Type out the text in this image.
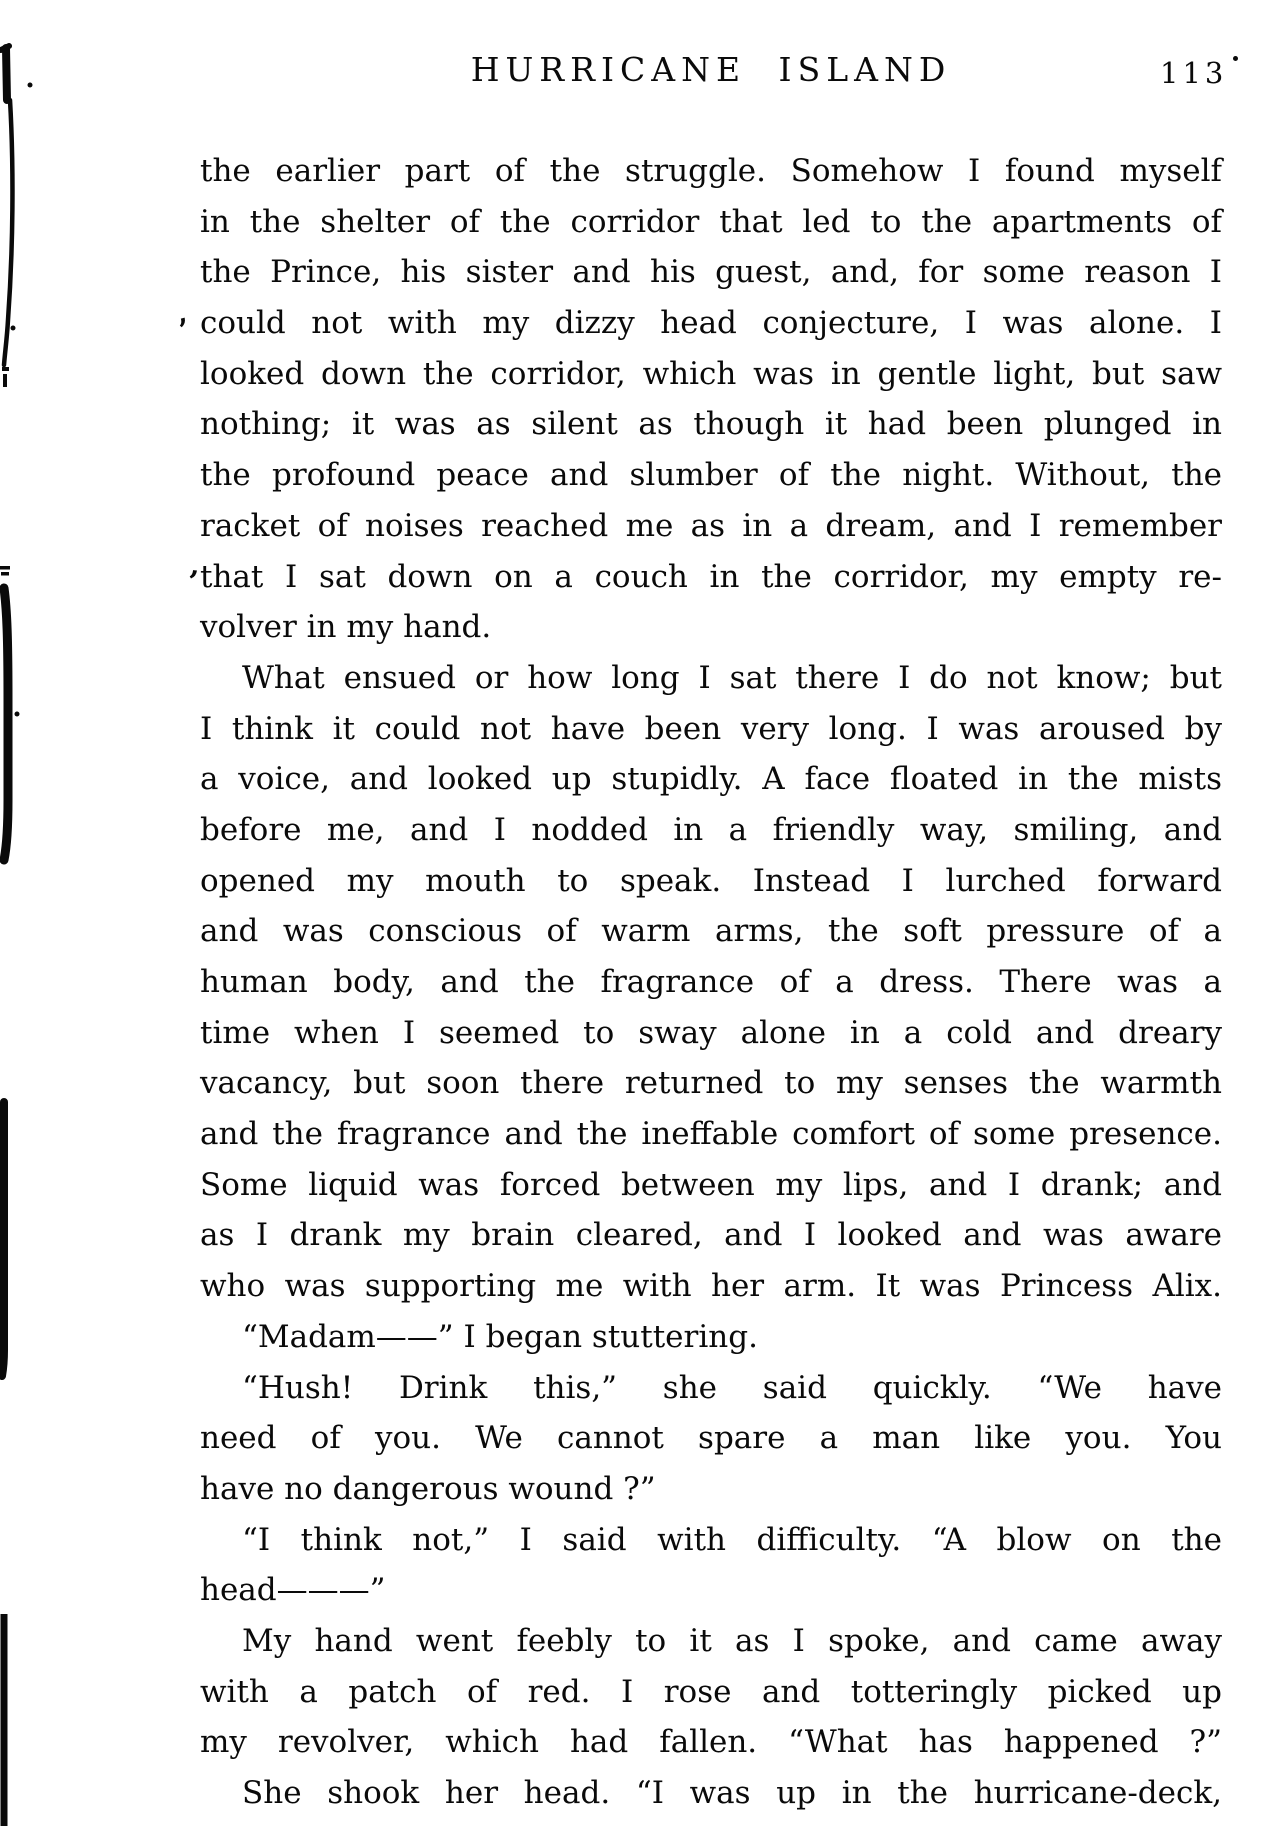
HURRICANE ISLAND	113
the earlier part of the struggle. Somehow I found myself
in the shelter of the corridor that led to the apartments of
the Prince, his sister and his guest, and, for some reason I
could not with my dizzy head conjecture, I was alone. I
looked down the corridor, which was in gentle light, but saw
nothing; it was as silent as though it had been plunged in
the profound peace and slumber of the night. Without, the
racket of noises reached me as in a dream, and I remember
that I sat down on a couch in the corridor, my empty re-
volver in my hand.
What ensued or how long I sat there I do not know; but
I think it could not have been very long. I was aroused by
a voice, and looked up stupidly. A face floated in the mists
before me, and I nodded in a friendly way, smiling, and
opened my mouth to speak. Instead I lurched forward
and was conscious of warm arms, the soft pressure of a
human body, and the fragrance of a dress. There was a
time when I seemed to sway alone in a cold and dreary
vacancy, but soon there returned to my senses the warmth
and the fragrance and the ineffable comfort of some presence.
Some liquid was forced between my lips, and I drank; and
as I drank my brain cleared, and I looked and was aware
who was supporting me with her arm. It was Princess Alix.
“Madam——” I began stuttering.
“Hush! Drink this,” she said quickly. “We have
need of you. We cannot spare a man like you. You
have no dangerous wound ?”
“I think not,” I said with difficulty. “A blow on the
head———”
My hand went feebly to it as I spoke, and came away
with a patch of red. I rose and totteringly picked up
my revolver, which had fallen. “What has happened ?”
She shook her head. “I was up in the hurricane-deck,
‚
‚
